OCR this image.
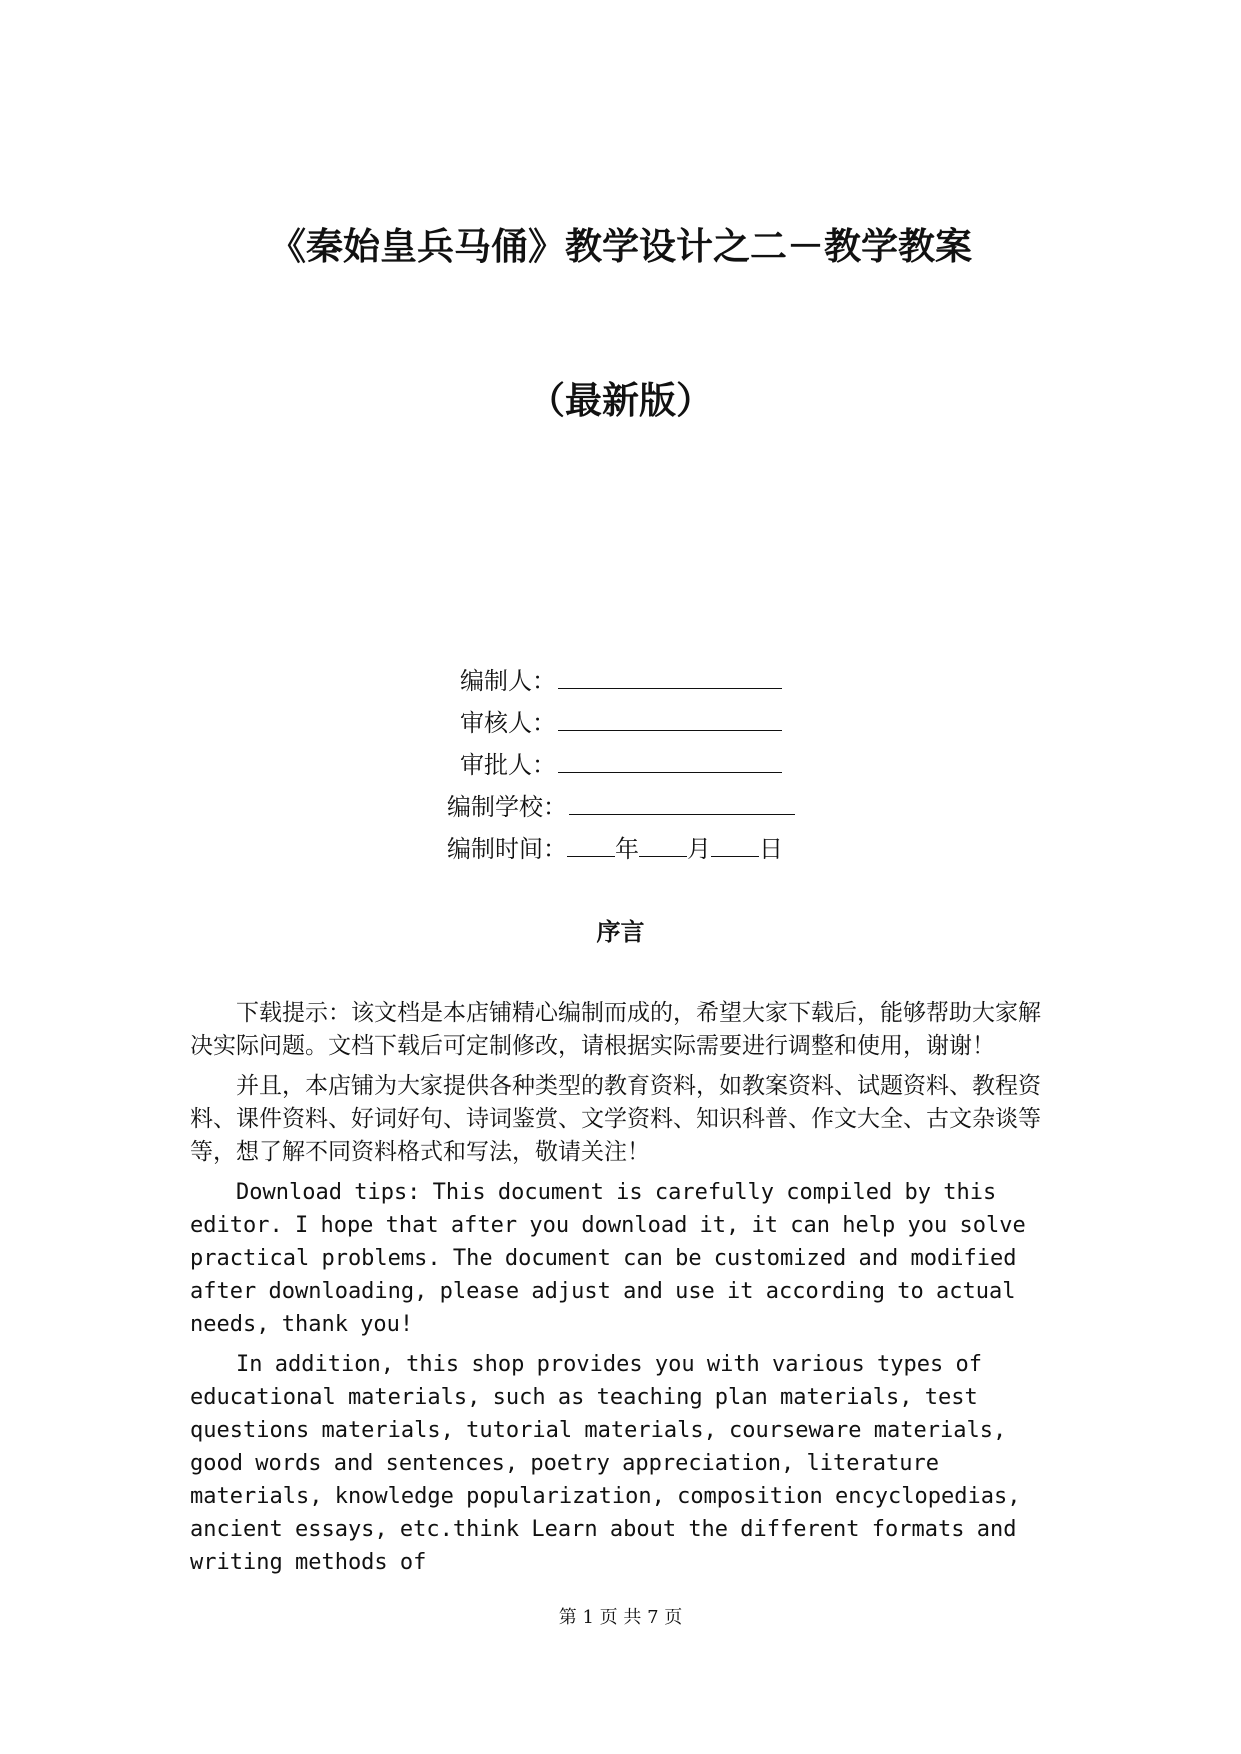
《秦始皇兵马俑》教学设计之二－教学教案
（最新版）
编制人：
审核人：
审批人：
编制学校：
编制时间： 年 月 日
序言

下载提示：该文档是本店铺精心编制而成的，希望大家下载后，能够帮助大家解决实际问题。文档下载后可定制修改，请根据实际需要进行调整和使用，谢谢！

并且，本店铺为大家提供各种类型的教育资料，如教案资料、试题资料、教程资料、课件资料、好词好句、诗词鉴赏、文学资料、知识科普、作文大全、古文杂谈等等，想了解不同资料格式和写法，敬请关注！

Download tips: This document is carefully compiled by this editor. I hope that after you download it, it can help you solve practical problems. The document can be customized and modified after downloading, please adjust and use it according to actual needs, thank you!

In addition, this shop provides you with various types of educational materials, such as teaching plan materials, test questions materials, tutorial materials, courseware materials, good words and sentences, poetry appreciation, literature materials, knowledge popularization, composition encyclopedias, ancient essays, etc.think Learn about the different formats and writing methods of

第 1 页 共 7 页
